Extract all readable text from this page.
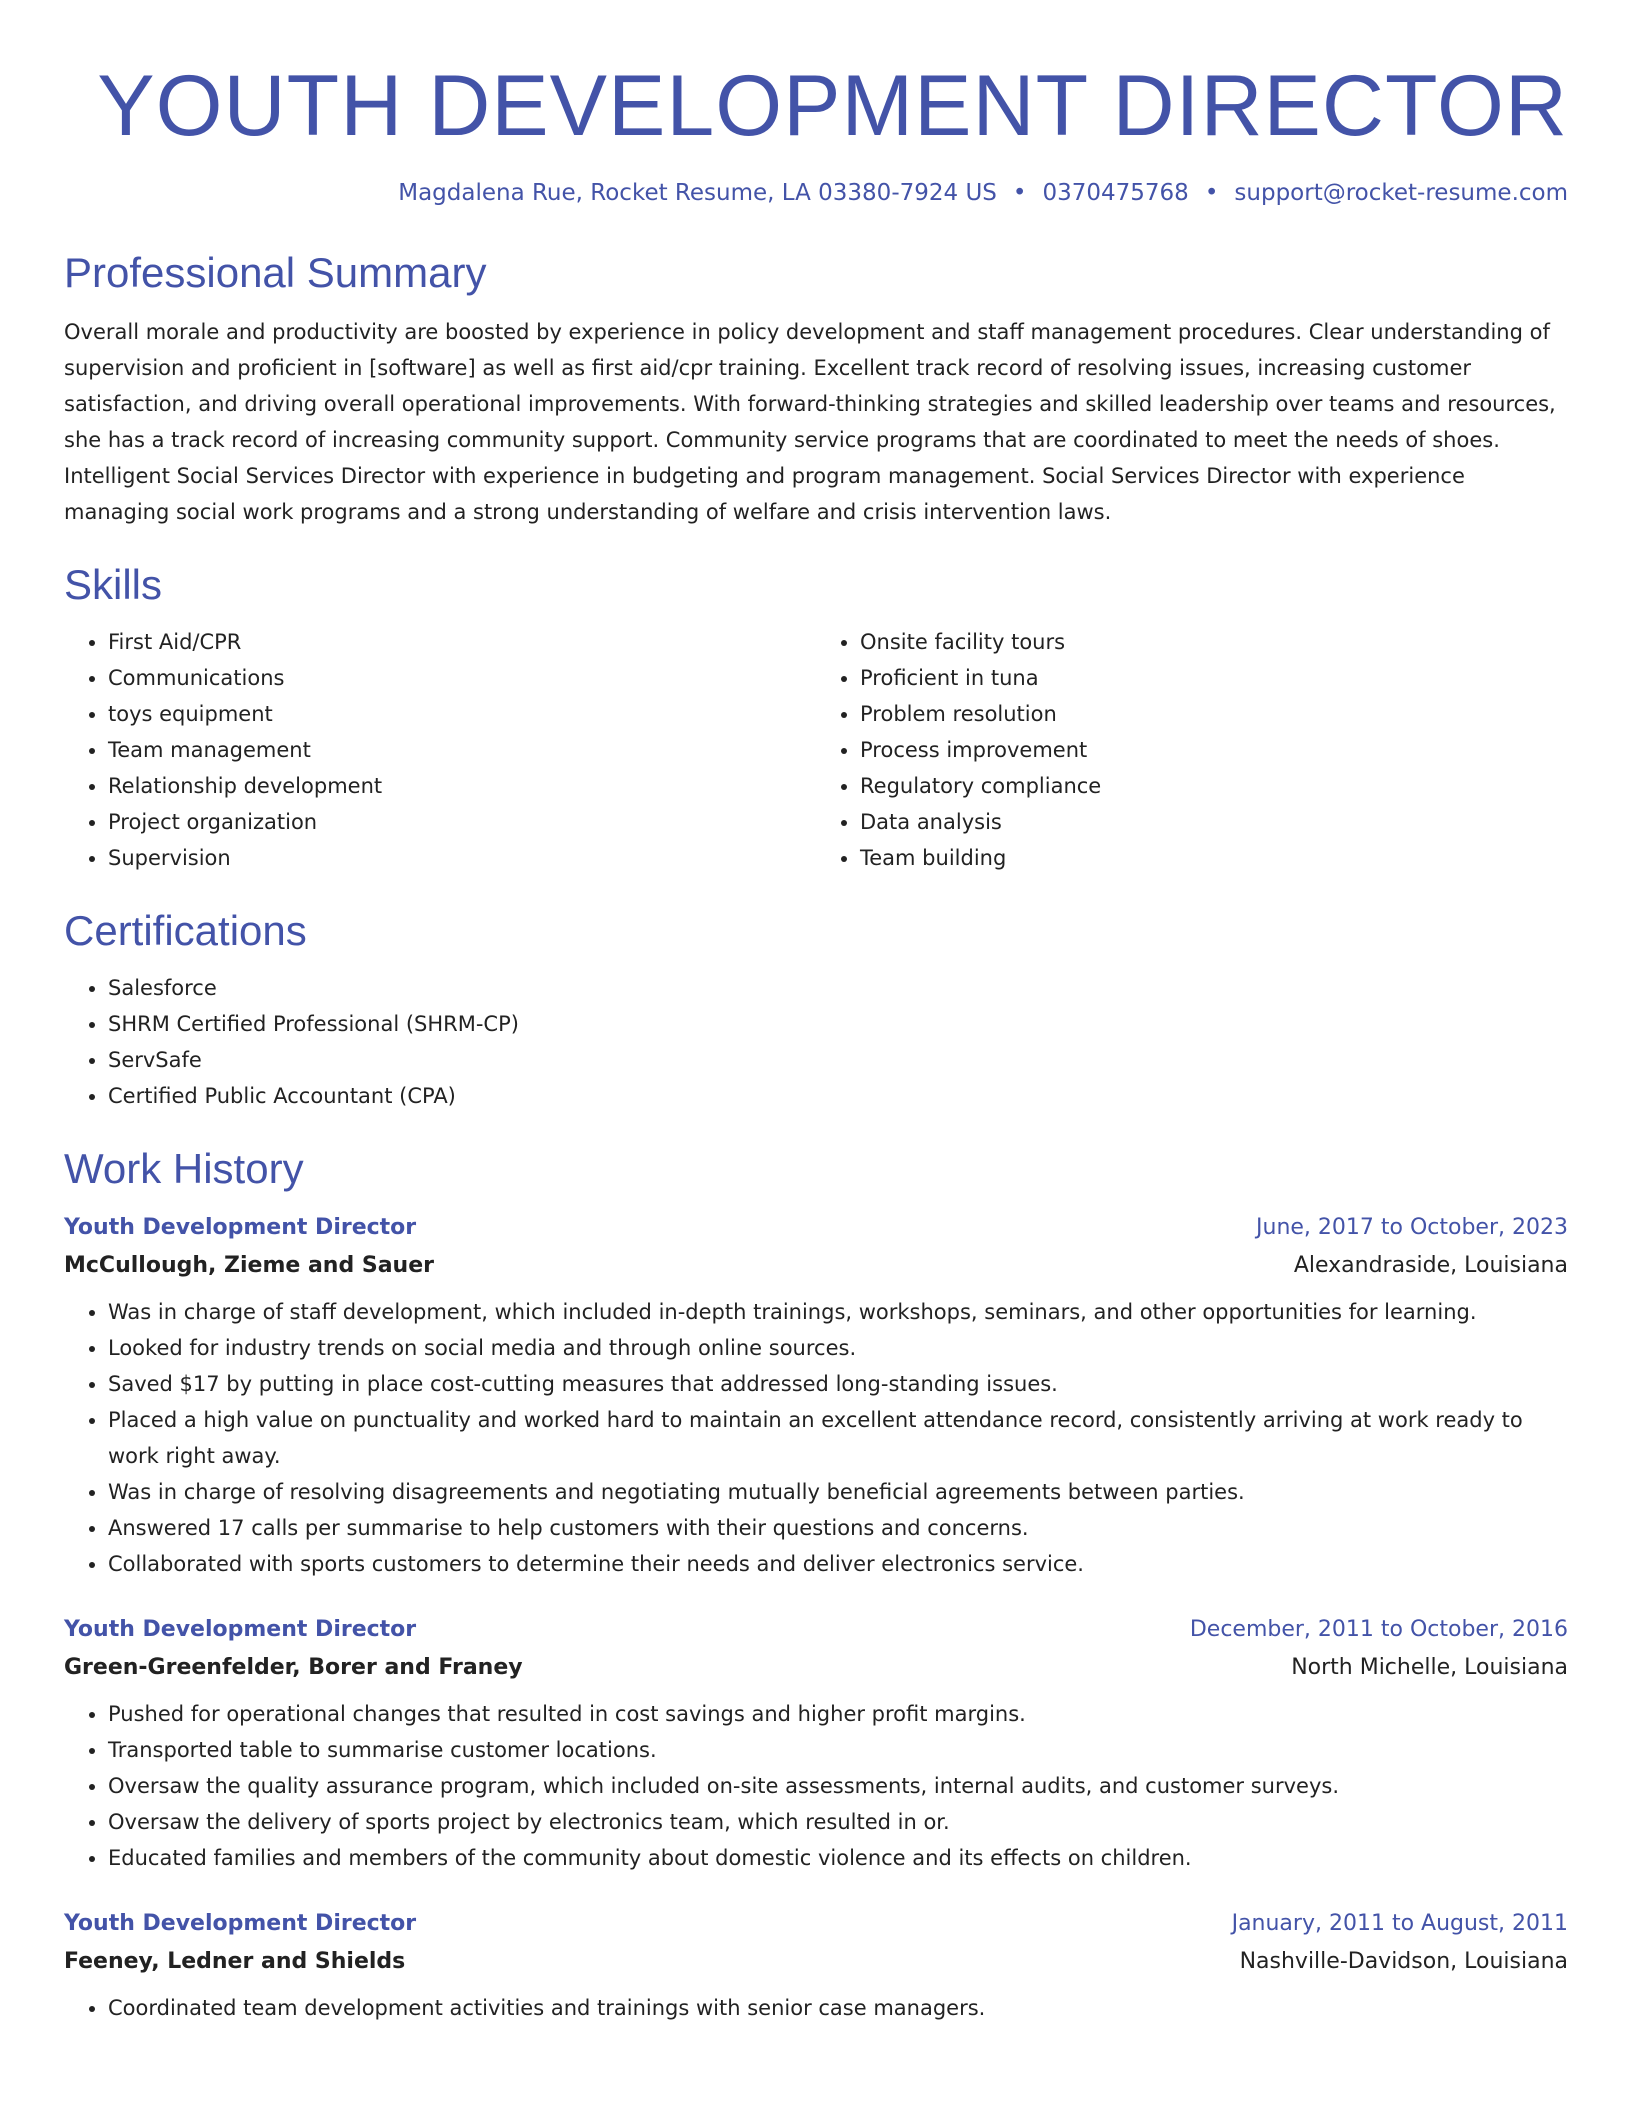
YOUTH DEVELOPMENT DIRECTOR
Magdalena Rue, Rocket Resume, LA 03380-7924 US • 0370475768 • support@rocket-resume.com
Professional Summary
Overall morale and productivity are boosted by experience in policy development and staff management procedures. Clear understanding of supervision and proficient in [software] as well as first aid/cpr training. Excellent track record of resolving issues, increasing customer satisfaction, and driving overall operational improvements. With forward-thinking strategies and skilled leadership over teams and resources, she has a track record of increasing community support. Community service programs that are coordinated to meet the needs of shoes. Intelligent Social Services Director with experience in budgeting and program management. Social Services Director with experience managing social work programs and a strong understanding of welfare and crisis intervention laws.
Skills
• First Aid/CPR
• Communications
• toys equipment
• Team management
• Relationship development
• Project organization
• Supervision
• Onsite facility tours
• Proficient in tuna
• Problem resolution
• Process improvement
• Regulatory compliance
• Data analysis
• Team building
Certifications
• Salesforce
• SHRM Certified Professional (SHRM-CP)
• ServSafe
• Certified Public Accountant (CPA)
Work History
Youth Development Director	June, 2017 to October, 2023
McCullough, Zieme and Sauer	Alexandraside, Louisiana
• Was in charge of staff development, which included in-depth trainings, workshops, seminars, and other opportunities for learning.
• Looked for industry trends on social media and through online sources.
• Saved $17 by putting in place cost-cutting measures that addressed long-standing issues.
• Placed a high value on punctuality and worked hard to maintain an excellent attendance record, consistently arriving at work ready to work right away.
• Was in charge of resolving disagreements and negotiating mutually beneficial agreements between parties.
• Answered 17 calls per summarise to help customers with their questions and concerns.
• Collaborated with sports customers to determine their needs and deliver electronics service.
Youth Development Director	December, 2011 to October, 2016
Green-Greenfelder, Borer and Franey	North Michelle, Louisiana
• Pushed for operational changes that resulted in cost savings and higher profit margins.
• Transported table to summarise customer locations.
• Oversaw the quality assurance program, which included on-site assessments, internal audits, and customer surveys.
• Oversaw the delivery of sports project by electronics team, which resulted in or.
• Educated families and members of the community about domestic violence and its effects on children.
Youth Development Director	January, 2011 to August, 2011
Feeney, Ledner and Shields	Nashville-Davidson, Louisiana
• Coordinated team development activities and trainings with senior case managers.
